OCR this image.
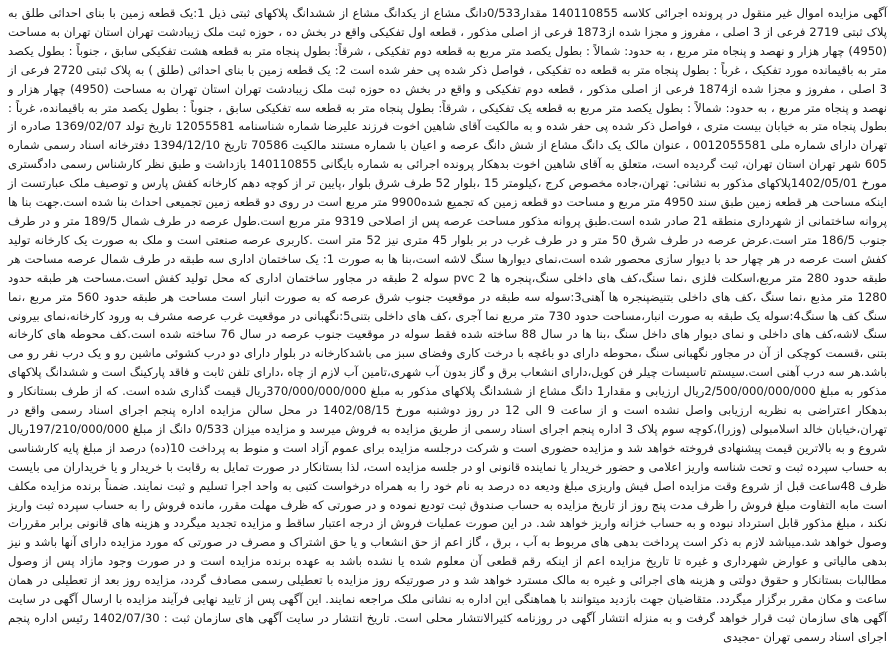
آگهی مزایده اموال غیر منقول در پرونده اجرائی کلاسه 140110855 مقدار0/533دانگ مشاع از یکدانگ مشاع از ششدانگ پلاکهای ثبتی ذیل 1:یک قطعه زمین با بنای احداثی طلق به پلاک ثبتی 2719 فرعی از 3 اصلی ، مفروز و مجزا شده از1873 فرعی از اصلی مذکور ، قطعه اول تفکیکی واقع در بخش ده ، حوزه ثبت ملک زیبادشت تهران استان تهران به مساحت (4950) چهار هزار و نهصد و پنجاه متر مربع ، به حدود: شمالاً : بطول یکصد متر مربع به قطعه دوم تفکیکی ، شرقاً: بطول پنجاه متر به قطعه هشت تفکیکی سابق ، جنوباً : بطول یکصد متر به باقیمانده مورد تفکیک ، غرباً : بطول پنجاه متر به قطعه ده تفکیکی ، فواصل ذکر شده پی حفر شده است 2: یک قطعه زمین با بنای احداثی (طلق ) به پلاک ثبتی 2720 فرعی از 3 اصلی ، مفروز و مجزا شده از1874 فرعی از اصلی مذکور ، قطعه دوم تفکیکی و واقع در بخش ده حوزه ثبت ملک زیبادشت تهران استان تهران به مساحت (4950) چهار هزار و نهصد و پنجاه متر مربع ، به حدود: شمالاً : بطول یکصد متر مربع به قطعه یک تفکیکی ، شرقاً: بطول پنجاه متر به قطعه سه تفکیکی سابق ، جنوباً : بطول یکصد متر به باقیمانده، غرباً : بطول پنجاه متر به خیابان بیست متری ، فواصل ذکر شده پی حفر شده و به مالکیت آقای شاهین اخوت فرزند علیرضا شماره شناسنامه 12055581 تاریخ تولد 1369/02/07 صادره از تهران دارای شماره ملی 0012055581 ، عنوان مالک یک دانگ مشاع از شش دانگ عرصه و اعیان با شماره مستند مالکیت 70586 تاریخ 1394/12/10 دفترخانه اسناد رسمی شماره 605 شهر تهران استان تهران، ثبت گردیده است، متعلق به آقای شاهین اخوت بدهکار پرونده اجرائی به شماره بایگانی 140110855 بازداشت و طبق نظر کارشناس رسمی دادگستری مورخ 1402/05/01پلاکهای مذکور به نشانی: تهران،جاده مخصوص کرج ،کیلومتر 15 ،بلوار 52 طرف شرق بلوار ،پایین تر از کوچه دهم کارخانه کفش پارس و توصیف ملک عبارتست از اینکه مساحت هر قطعه زمین طبق سند 4950 متر مربع و مساحت دو قطعه زمین که تجمیع شده9900 متر مربع است در روی دو قطعه زمین تجمیعی احداث بنا شده است.جهت بنا ها پروانه ساختمانی از شهرداری منطقه 21 صادر شده است.طبق پروانه مذکور مساحت عرصه پس از اصلاحی 9319 متر مربع است.طول عرصه در طرف شمال 189/5 متر و در طرف جنوب 186/5 متر است.عرض عرصه در طرف شرق 50 متر و در طرف غرب در بر بلوار 45 متری نیز 52 متر است .کاربری عرصه صنعتی است و ملک به صورت یک کارخانه تولید کفش است عرصه در هر چهار حد با دیوار سازی محصور شده است،نمای دیوارها سنگ لاشه است،بنا ها به صورت 1: یک ساختمان اداری سه طبقه در طرف شمال عرصه مساحت هر طبقه حدود 280 متر مربع،اسکلت فلزی ،نما سنگ،کف های داخلی سنگ،پنجره ها pvc 2 سوله 2 طبقه در مجاور ساختمان اداری که محل تولید کفش است.مساحت هر طبقه حدود 1280 متر مذبع ،نما سنگ ،کف های داخلی بتنیضپنجره ها آهنی3:سوله سه طبقه در موقعیت جنوب شرق عرصه که به صورت انبار است مساحت هر طبقه حدود 560 متر مربع ،نما سنگ کف ها سنگ4:سوله یک طبقه به صورت انبار،مساحت حدود 730 متر مربع نما آجری ،کف های داخلی بتنی5:نگهبانی در موقعیت غرب عرصه مشرف به ورود کارخانه،نمای بیرونی سنگ لاشه،کف های داخلی و نمای دیوار های داخل سنگ ،بنا ها در سال 88 ساخته شده فقط سوله در موقعیت جنوب عرصه در سال 76 ساخته شده است.کف محوطه های کارخانه بتنی ،قسمت کوچکی از آن در مجاور نگهبانی سنگ ،محوطه دارای دو باغچه با درخت کاری وفضای سبز می باشدکارخانه در بلوار دارای دو درب کشوئی ماشین رو و یک درب نفر رو می باشد.هر سه درب آهنی است.سیستم تاسیسات چیلر فن کویل،دارای انشعاب برق و گاز بدون آب شهری،تامین آب لازم از چاه ،دارای تلفن ثابت و فاقد پارکینگ است و ششدانگ پلاکهای مذکور به مبلغ 2/500/000/000/000ریال ارزیابی و مقدار1 دانگ مشاع از ششدانگ پلاکهای مذکور به مبلغ 370/000/000/000ریال قیمت گذاری شده است. که از طرف بستانکار و بدهکار اعتراضی به نظریه ارزیابی واصل نشده است و از ساعت 9 الی 12 در روز دوشنبه مورخ 1402/08/15 در محل سالن مزایده اداره پنجم اجرای اسناد رسمی واقع در تهران،خیابان خالد اسلامبولی (وزرا)،کوچه سوم پلاک 3 اداره پنجم اجرای اسناد رسمی از طریق مزایده به فروش میرسد و مزایده میزان 0/533 دانگ از مبلغ 197/210/000/000ریال شروع و به بالاترین قیمت پیشنهادی فروخته خواهد شد و مزایده حضوری است و شرکت درجلسه مزایده برای عموم آزاد است و منوط به پرداخت 10(ده) درصد از مبلغ پایه کارشناسی به حساب سپرده ثبت و تحت شناسه واریز اعلامی و حضور خریدار یا نماینده قانونی او در جلسه مزایده است، لذا بستانکار در صورت تمایل به رقابت با خریدار و یا خریداران می بایست ظرف 48ساعت قبل از شروع وقت مزایده اصل فیش واریزی مبلغ ودیعه ده درصد به نام خود را به همراه درخواست کتبی به واحد اجرا تسلیم و ثبت نمایند. ضمناً برنده مزایده مکلف است مابه التفاوت مبلغ فروش را ظرف مدت پنج روز از تاریخ مزایده به حساب صندوق ثبت تودیع نموده و در صورتی که ظرف مهلت مقرر، مانده فروش را به حساب سپرده ثبت واریز نکند ، مبلغ مذکور قابل استرداد نبوده و به حساب خزانه واریز خواهد شد. در این صورت عملیات فروش از درجه اعتبار ساقط و مزایده تجدید میگردد و هزینه های قانونی برابر مقررات وصول خواهد شد.میباشد لازم به ذکر است پرداخت بدهی های مربوط به آب ، برق ، گاز اعم از حق انشعاب و یا حق اشتراک و مصرف در صورتی که مورد مزایده دارای آنها باشد و نیز بدهی مالیاتی و عوارض شهرداری و غیره تا تاریخ مزایده اعم از اینکه رقم قطعی آن معلوم شده یا نشده باشد به عهده برنده مزایده است و در صورت وجود مازاد پس از وصول مطالبات بستانکار و حقوق دولتی و هزینه های اجرائی و غیره به مالک مسترد خواهد شد و در صورتیکه روز مزایده با تعطیلی رسمی مصادف گردد، مزایده روز بعد از تعطیلی در همان ساعت و مکان مقرر برگزار میگردد. متقاضیان جهت بازدید میتوانند با هماهنگی این اداره به نشانی ملک مراجعه نمایند. این آگهی پس از تایید نهایی فرآیند مزایده با ارسال آگهی در سایت آگهی های سازمان ثبت قرار خواهد گرفت و به منزله انتشار آگهی در روزنامه کثیرالانتشار محلی است. تاریخ انتشار در سایت آگهی های سازمان ثبت : 1402/07/30 رئیس اداره پنجم اجرای اسناد رسمی تهران -مجیدی
